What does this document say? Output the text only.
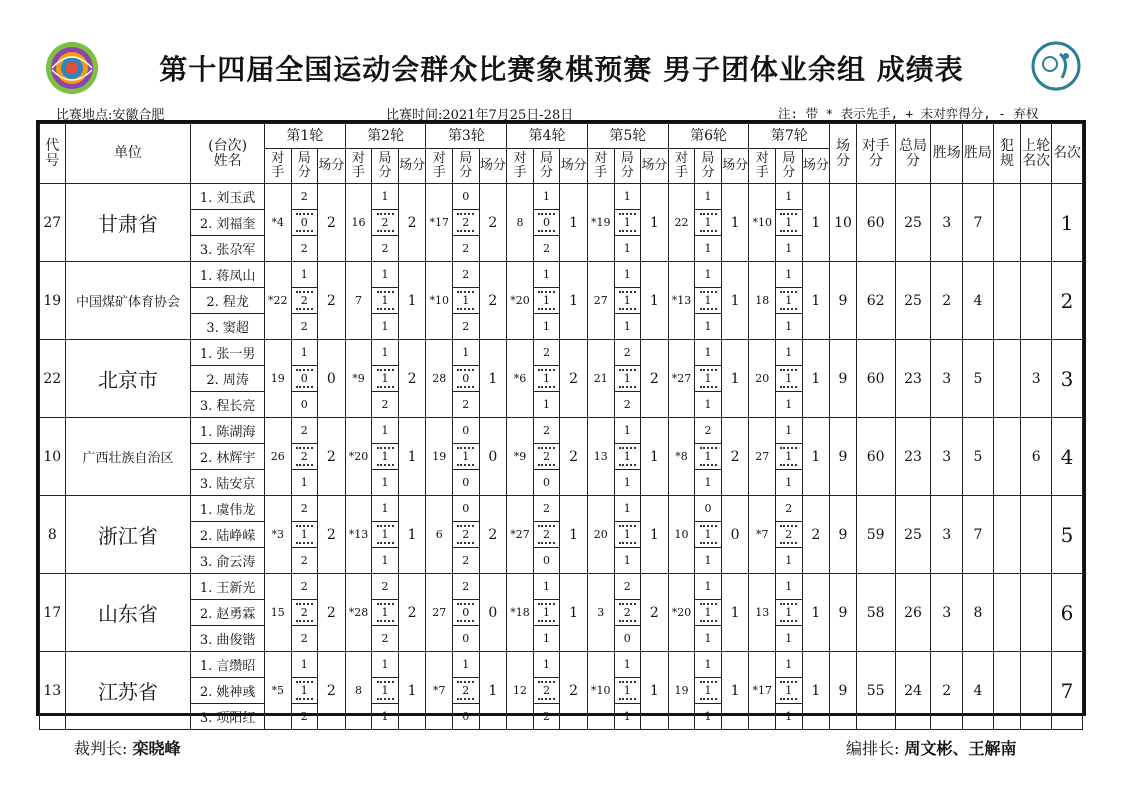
第十四届全国运动会群众比赛象棋预赛 男子团体业余组 成绩表
比赛地点:安徽合肥	比赛时间:2021年7月25日-28日	注: 带 * 表示先手, + 未对弈得分, - 弃权
代号	单位	(台次)
姓名	第1轮			第2轮			第3轮			第4轮			第5轮			第6轮			第7轮			场分	对手分	总局分	胜场	胜局	犯规	上轮名次	名次
			对手	局分	场分	对手	局分	场分	对手	局分	场分	对手	局分	场分	对手	局分	场分	对手	局分	场分	对手	局分	场分								
27	甘肃省	1. 刘玉武	*4	2	2	16	1	2	*17	0	2	8	1	1	*19	1	1	22	1	1	*10	1	1	10	60	25	3	7			1
		2. 刘福奎		0			2			2			0			1			1			1									
		3. 张尕军		2			2			2			2			1			1			1									
19	中国煤矿体育协会	1. 蒋凤山	*22	1	2	7	1	1	*10	2	2	*20	1	1	27	1	1	*13	1	1	18	1	1	9	62	25	2	4			2
		2. 程龙		2			1			1			1			1			1			1									
		3. 窦超		2			1			2			1			1			1			1									
22	北京市	1. 张一男	19	1	0	*9	1	2	28	1	1	*6	2	2	21	2	2	*27	1	1	20	1	1	9	60	23	3	5		3	3
		2. 周涛		0			1			0			1			1			1			1									
		3. 程长亮		0			2			2			1			2			1			1									
10	广西壮族自治区	1. 陈湖海	26	2	2	*20	1	1	19	0	0	*9	2	2	13	1	1	*8	2	2	27	1	1	9	60	23	3	5		6	4
		2. 林辉宇		2			1			1			2			1			1			1									
		3. 陆安京		1			1			0			0			1			1			1									
8	浙江省	1. 虞伟龙	*3	2	2	*13	1	1	6	0	2	*27	2	1	20	1	1	10	0	0	*7	2	2	9	59	25	3	7			5
		2. 陆峥嵘		1			1			2			2			1			1			2									
		3. 俞云涛		2			1			2			0			1			1			1									
17	山东省	1. 王新光	15	2	2	*28	2	2	27	2	0	*18	1	1	3	2	2	*20	1	1	13	1	1	9	58	26	3	8			6
		2. 赵勇霖		2			1			0			1			2			1			1									
		3. 曲俊锴		2			2			0			1			0			1			1									
13	江苏省	1. 言缵昭	*5	1	2	8	1	1	*7	1	1	12	1	2	*10	1	1	19	1	1	*17	1	1	9	55	24	2	4			7
		2. 姚神彧		1			1			2			2			1			1			1									
		3. 项阳红		2			1			0			2			1			1			1									
裁判长: 栾晓峰	编排长: 周文彬、王解南
